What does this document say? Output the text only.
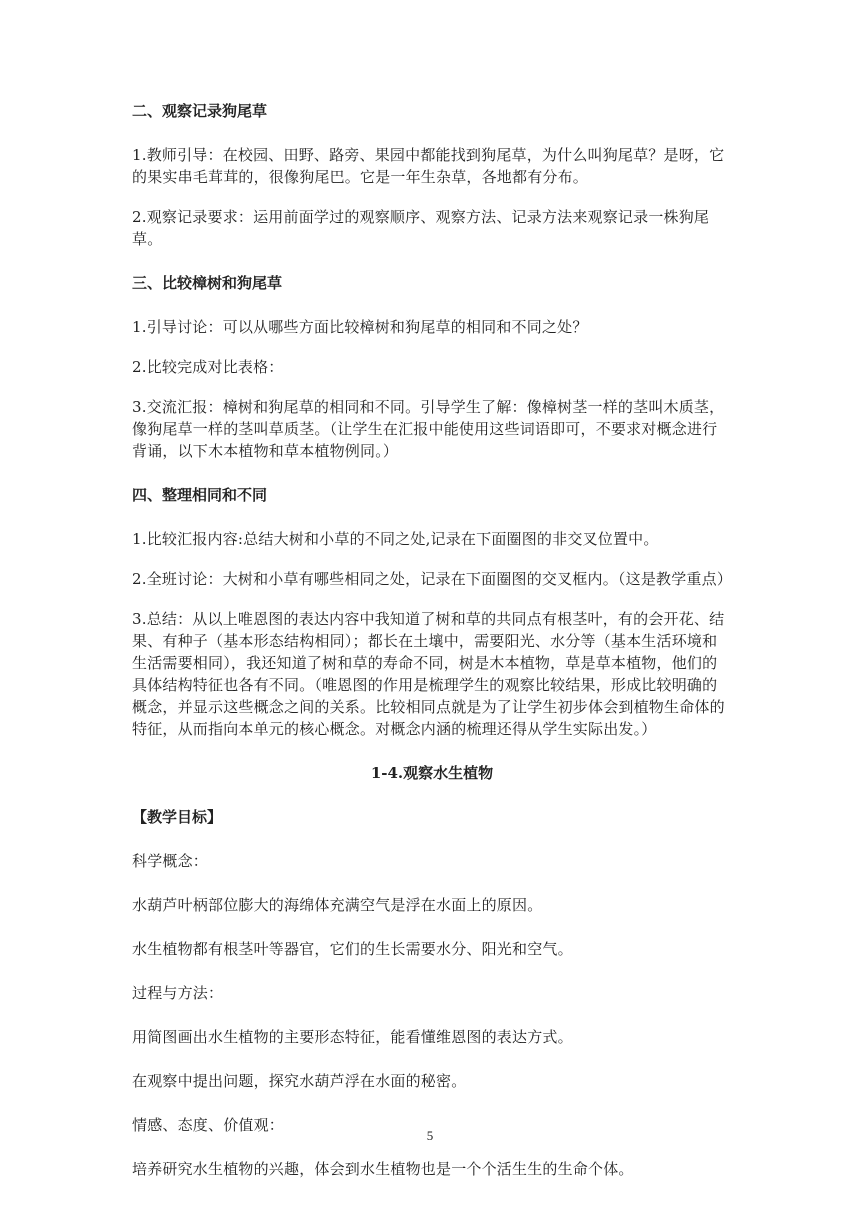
二、观察记录狗尾草

1.教师引导：在校园、田野、路旁、果园中都能找到狗尾草，为什么叫狗尾草？是呀，它的果实串毛茸茸的，很像狗尾巴。它是一年生杂草，各地都有分布。

2.观察记录要求：运用前面学过的观察顺序、观察方法、记录方法来观察记录一株狗尾草。

三、比较樟树和狗尾草

1.引导讨论：可以从哪些方面比较樟树和狗尾草的相同和不同之处？

2.比较完成对比表格：

3.交流汇报：樟树和狗尾草的相同和不同。引导学生了解：像樟树茎一样的茎叫木质茎，像狗尾草一样的茎叫草质茎。（让学生在汇报中能使用这些词语即可，不要求对概念进行背诵，以下木本植物和草本植物例同。）

四、整理相同和不同

1.比较汇报内容:总结大树和小草的不同之处,记录在下面圈图的非交叉位置中。

2.全班讨论：大树和小草有哪些相同之处，记录在下面圈图的交叉框内。（这是教学重点）

3.总结：从以上唯恩图的表达内容中我知道了树和草的共同点有根茎叶，有的会开花、结果、有种子（基本形态结构相同）；都长在土壤中，需要阳光、水分等（基本生活环境和生活需要相同），我还知道了树和草的寿命不同，树是木本植物，草是草本植物，他们的具体结构特征也各有不同。（唯恩图的作用是梳理学生的观察比较结果，形成比较明确的概念，并显示这些概念之间的关系。比较相同点就是为了让学生初步体会到植物生命体的特征，从而指向本单元的核心概念。对概念内涵的梳理还得从学生实际出发。）

1-4.观察水生植物

【教学目标】

科学概念：

水葫芦叶柄部位膨大的海绵体充满空气是浮在水面上的原因。

水生植物都有根茎叶等器官，它们的生长需要水分、阳光和空气。

过程与方法：

用简图画出水生植物的主要形态特征，能看懂维恩图的表达方式。

在观察中提出问题，探究水葫芦浮在水面的秘密。

情感、态度、价值观：

培养研究水生植物的兴趣，体会到水生植物也是一个个活生生的生命个体。

5
